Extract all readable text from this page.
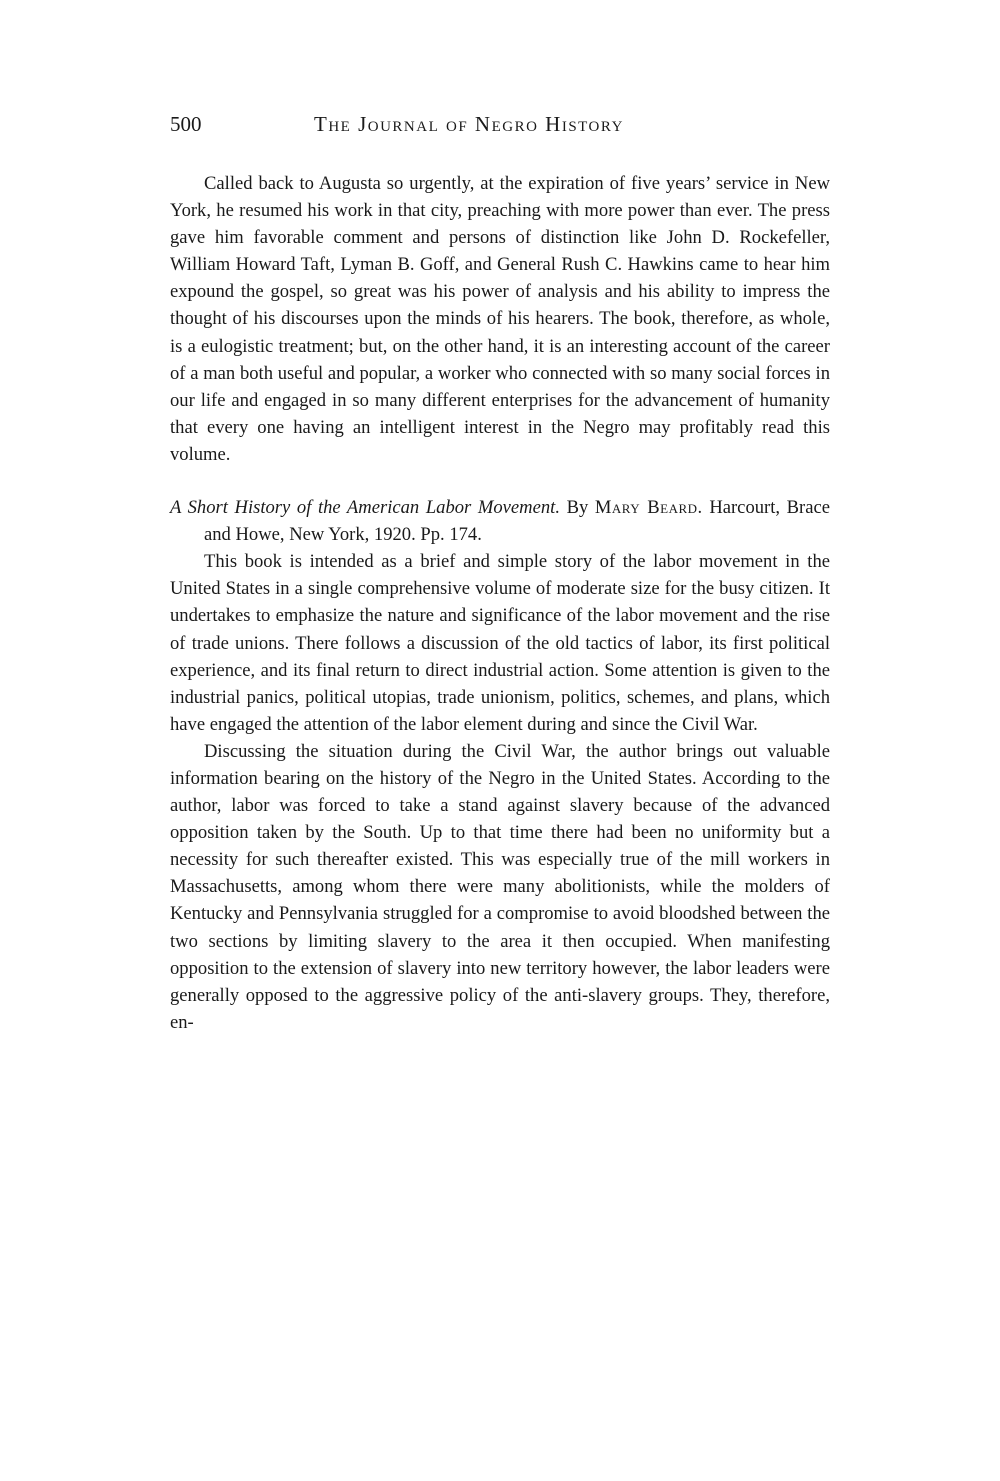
500	The Journal of Negro History

Called back to Augusta so urgently, at the expiration of five years’ service in New York, he resumed his work in that city, preaching with more power than ever. The press gave him favorable comment and persons of distinction like John D. Rockefeller, William Howard Taft, Lyman B. Goff, and General Rush C. Hawkins came to hear him expound the gospel, so great was his power of analysis and his ability to impress the thought of his discourses upon the minds of his hearers. The book, therefore, as whole, is a eulogistic treatment; but, on the other hand, it is an interesting account of the career of a man both useful and popular, a worker who connected with so many social forces in our life and engaged in so many different enterprises for the advancement of humanity that every one having an intelligent interest in the Negro may profitably read this volume.

A Short History of the American Labor Movement. By Mary Beard. Harcourt, Brace and Howe, New York, 1920. Pp. 174.

This book is intended as a brief and simple story of the labor movement in the United States in a single comprehensive volume of moderate size for the busy citizen. It undertakes to emphasize the nature and significance of the labor movement and the rise of trade unions. There follows a discussion of the old tactics of labor, its first political experience, and its final return to direct industrial action. Some attention is given to the industrial panics, political utopias, trade unionism, politics, schemes, and plans, which have engaged the attention of the labor element during and since the Civil War.

Discussing the situation during the Civil War, the author brings out valuable information bearing on the history of the Negro in the United States. According to the author, labor was forced to take a stand against slavery because of the advanced opposition taken by the South. Up to that time there had been no uniformity but a necessity for such thereafter existed. This was especially true of the mill workers in Massachusetts, among whom there were many abolitionists, while the molders of Kentucky and Pennsylvania struggled for a compromise to avoid bloodshed between the two sections by limiting slavery to the area it then occupied. When manifesting opposition to the extension of slavery into new territory however, the labor leaders were generally opposed to the aggressive policy of the anti-slavery groups. They, therefore, en-
